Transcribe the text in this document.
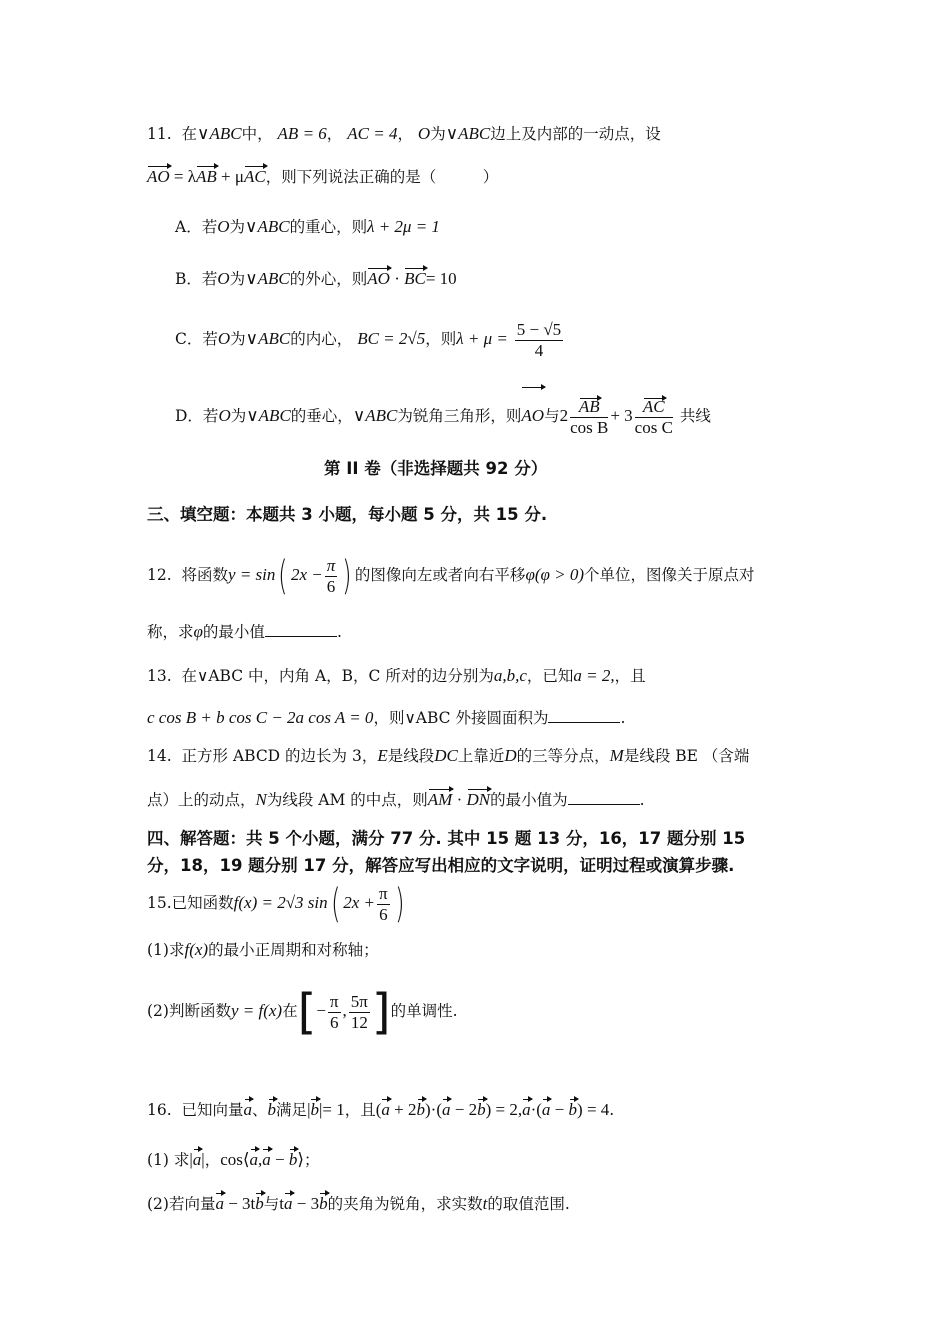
11. 在∨ABC中， AB = 6， AC = 4， O为∨ABC边上及内部的一动点，设
AO = λAB + μAC，则下列说法正确的是（　　　）
A．若O为∨ABC的重心，则λ + 2μ = 1
B．若O为∨ABC的外心，则AO · BC= 10
C．若O为∨ABC的内心， BC = 2√5，则$\lambda + \mu = \frac{5 - √5}{4}$
D．若O为∨ABC的垂心，∨ABC为锐角三角形，则AO与$2 \frac{AB}{\text{cos B}} + 3 \frac{AC}{\text{cos C}}$ 共线
第 II 卷（非选择题共 92 分）
三、填空题：本题共 3 小题，每小题 5 分，共 15 分.
12. 将函数y = sin( $2x - \frac{\pi}{6}$ ) 的图像向左或者向右平移φ(φ > 0)个单位，图像关于原点对
称，求φ的最小值	.
13. 在∨ABC 中，内角 A，B，C 所对的边分别为a,b,c，已知a = 2,，且
c cos B + b cos C − 2a cos A = 0，则∨ABC 外接圆面积为	.
14. 正方形 ABCD 的边长为 3，E是线段DC上靠近D的三等分点，M是线段 BE （含端
点）上的动点，N为线段 AM 的中点，则AM · DN的最小值为	.
四、解答题：共 5 个小题，满分 77 分. 其中 15 题 13 分，16，17 题分别 15
分，18，19 题分别 17 分，解答应写出相应的文字说明，证明过程或演算步骤.
15.已知函数f(x) = 2√3 sin( $2x + \frac{\pi}{6}$ )
(1)求f(x)的最小正周期和对称轴；
(2)判断函数y = f(x)在[− $\frac{\pi}{6}$ , $\frac{5\pi}{12}$ ]的单调性.
16. 已知向量a、b满足|b|= 1，且(a + 2b)·(a − 2b) = 2,a·(a − b) = 4.
(1) 求|a|，cos⟨a,a − b⟩；
(2)若向量a − 3tb与ta − 3b的夹角为锐角，求实数t的取值范围.
